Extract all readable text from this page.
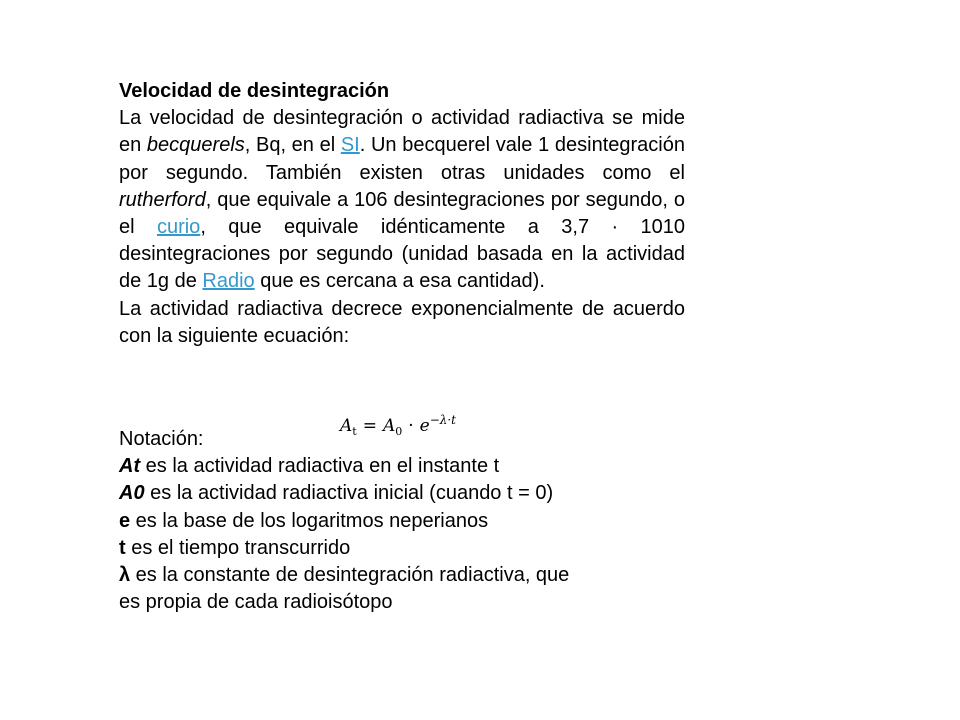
Velocidad de desintegración

La velocidad de desintegración o actividad radiactiva se mide en becquerels, Bq, en el SI. Un becquerel vale 1 desintegración por segundo. También existen otras unidades como el rutherford, que equivale a 106 desintegraciones por segundo, o el curio, que equivale idénticamente a 3,7 · 1010 desintegraciones por segundo (unidad basada en la actividad de 1g de Radio que es cercana a esa cantidad).

La actividad radiactiva decrece exponencialmente de acuerdo con la siguiente ecuación:

$A_t = A_0 \cdot e^{-\lambda\cdot t}$

Notación:

At es la actividad radiactiva en el instante t

A0 es la actividad radiactiva inicial (cuando t = 0)

e es la base de los logaritmos neperianos

t es el tiempo transcurrido

λ es la constante de desintegración radiactiva, que

es propia de cada radioisótopo
